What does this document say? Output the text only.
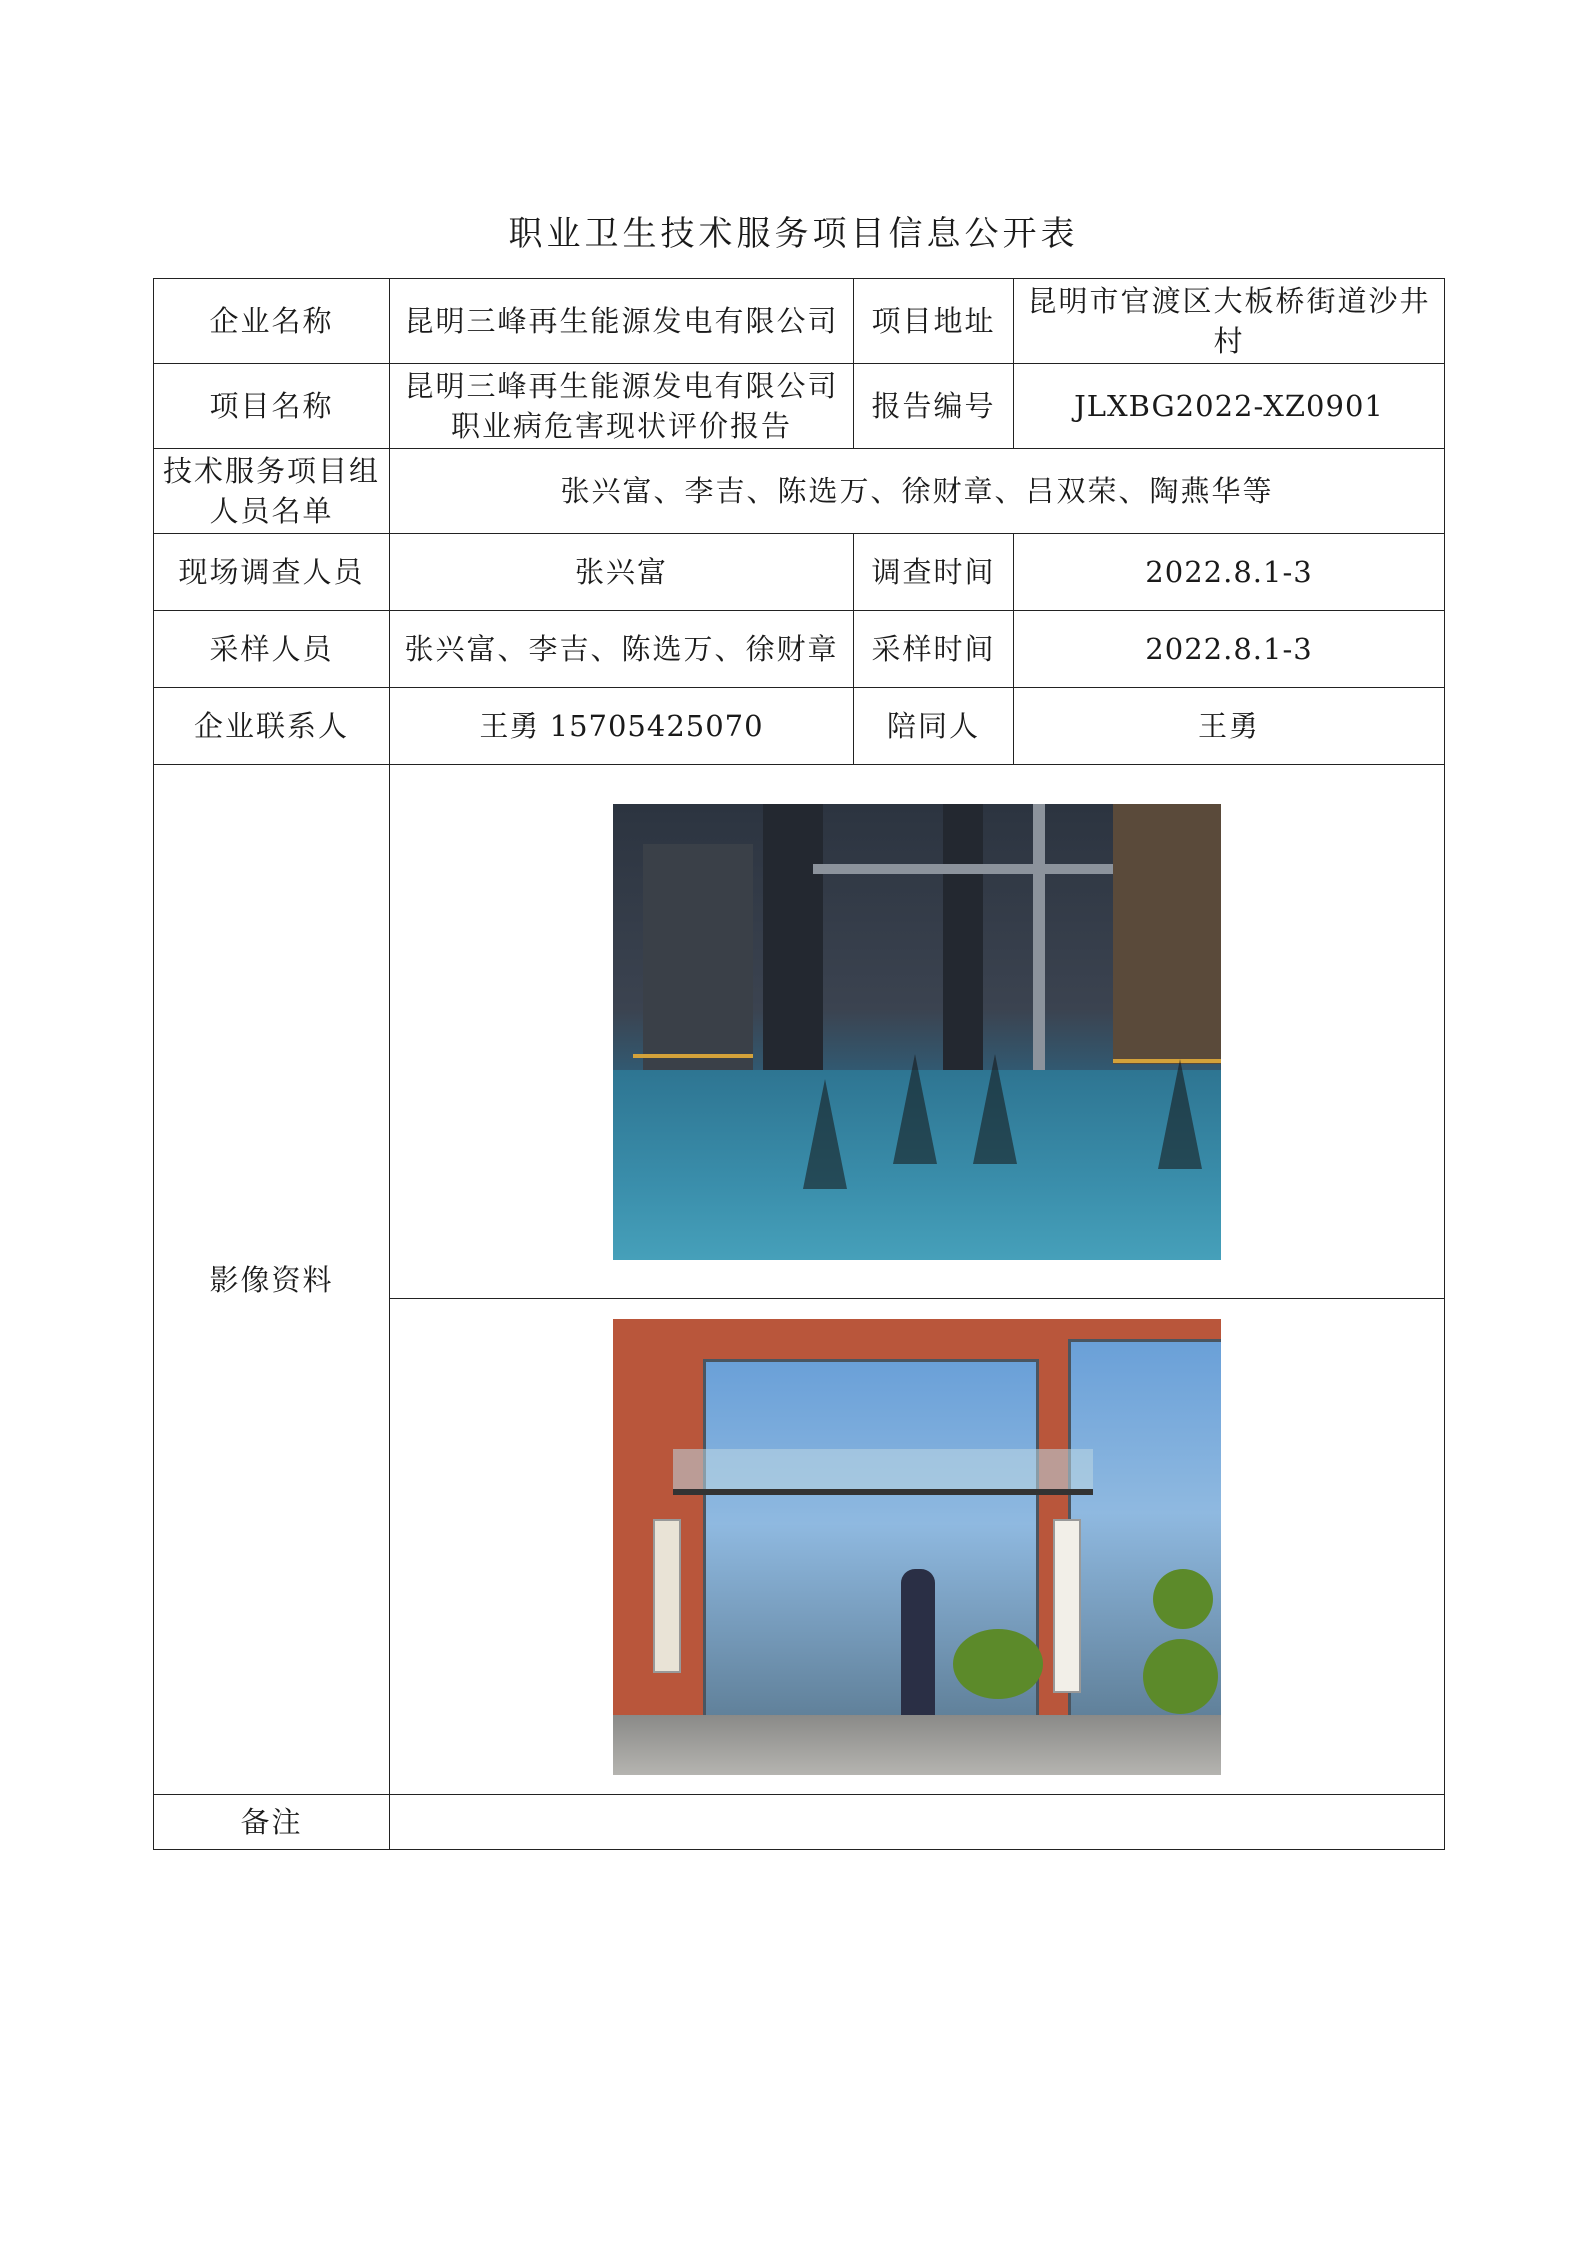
职业卫生技术服务项目信息公开表
企业名称	昆明三峰再生能源发电有限公司	项目地址	昆明市官渡区大板桥街道沙井村
项目名称	昆明三峰再生能源发电有限公司职业病危害现状评价报告	报告编号	JLXBG2022-XZ0901
技术服务项目组人员名单	张兴富、李吉、陈选万、徐财章、吕双荣、陶燕华等		
现场调查人员	张兴富	调查时间	2022.8.1-3
采样人员	张兴富、李吉、陈选万、徐财章	采样时间	2022.8.1-3
企业联系人	王勇 15705425070	陪同人	王勇
影像资料			

备注			
